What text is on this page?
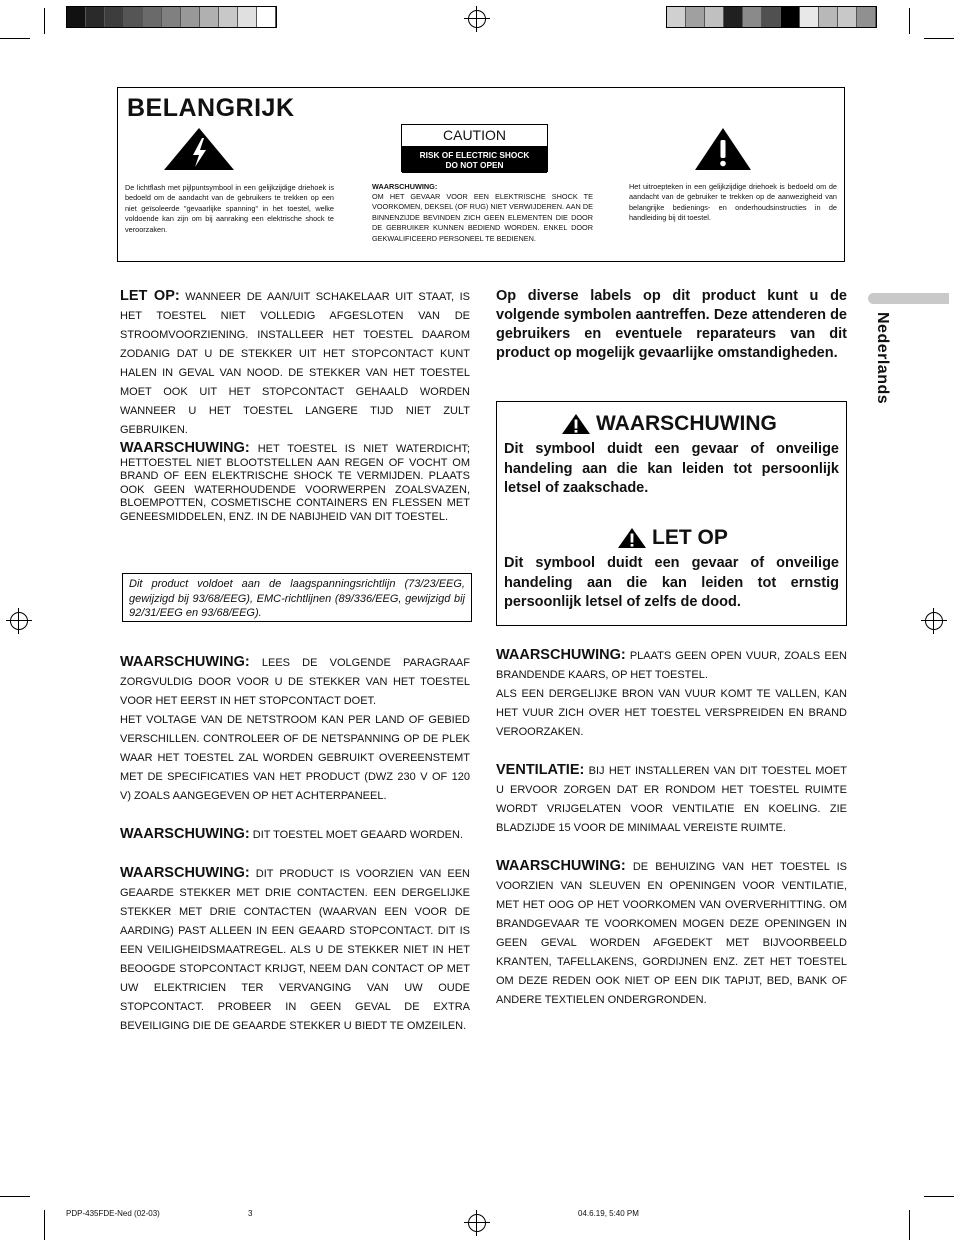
BELANGRIJK
De lichtflash met pijlpuntsymbool in een gelijkzijdige driehoek is bedoeld om de aandacht van de gebruikers te trekken op een niet geïsoleerde "gevaarlijke spanning" in het toestel, welke voldoende kan zijn om bij aanraking een elektrische shock te veroorzaken.
CAUTION
RISK OF ELECTRIC SHOCK
DO NOT OPEN
WAARSCHUWING:
OM HET GEVAAR VOOR EEN ELEKTRISCHE SHOCK TE VOORKOMEN, DEKSEL (OF RUG) NIET VERWIJDEREN. AAN DE BINNENZIJDE BEVINDEN ZICH GEEN ELEMENTEN DIE DOOR DE GEBRUIKER KUNNEN BEDIEND WORDEN. ENKEL DOOR GEKWALIFICEERD PERSONEEL TE BEDIENEN.
Het uitroepteken in een gelijkzijdige driehoek is bedoeld om de aandacht van de gebruiker te trekken op de aanwezigheid van belangrijke bedienings- en onderhoudsinstructies in de handleiding bij dit toestel.
LET OP: WANNEER DE AAN/UIT SCHAKELAAR UIT STAAT, IS HET TOESTEL NIET VOLLEDIG AFGESLOTEN VAN DE STROOMVOORZIENING. INSTALLEER HET TOESTEL DAAROM ZODANIG DAT U DE STEKKER UIT HET STOPCONTACT KUNT HALEN IN GEVAL VAN NOOD. DE STEKKER VAN HET TOESTEL MOET OOK UIT HET STOPCONTACT GEHAALD WORDEN WANNEER U HET TOESTEL LANGERE TIJD NIET ZULT GEBRUIKEN.
WAARSCHUWING: HET TOESTEL IS NIET WATERDICHT; HETTOESTEL NIET BLOOTSTELLEN AAN REGEN OF VOCHT OM BRAND OF EEN ELEKTRISCHE SHOCK TE VERMIJDEN. PLAATS OOK GEEN WATERHOUDENDE VOORWERPEN ZOALSVAZEN, BLOEMPOTTEN, COSMETISCHE CONTAINERS EN FLESSEN MET GENEESMIDDELEN, ENZ. IN DE NABIJHEID VAN DIT TOESTEL.
Dit product voldoet aan de laagspanningsrichtlijn (73/23/EEG, gewijzigd bij 93/68/EEG), EMC-richtlijnen (89/336/EEG, gewijzigd bij 92/31/EEG en 93/68/EEG).
WAARSCHUWING: LEES DE VOLGENDE PARAGRAAF ZORGVULDIG DOOR VOOR U DE STEKKER VAN HET TOESTEL VOOR HET EERST IN HET STOPCONTACT DOET.
HET VOLTAGE VAN DE NETSTROOM KAN PER LAND OF GEBIED VERSCHILLEN. CONTROLEER OF DE NETSPANNING OP DE PLEK WAAR HET TOESTEL ZAL WORDEN GEBRUIKT OVEREENSTEMT MET DE SPECIFICATIES VAN HET PRODUCT (DWZ 230 V OF 120 V) ZOALS AANGEGEVEN OP HET ACHTERPANEEL.
WAARSCHUWING: DIT TOESTEL MOET GEAARD WORDEN.
WAARSCHUWING: DIT PRODUCT IS VOORZIEN VAN EEN GEAARDE STEKKER MET DRIE CONTACTEN. EEN DERGELIJKE STEKKER MET DRIE CONTACTEN (WAARVAN EEN VOOR DE AARDING) PAST ALLEEN IN EEN GEAARD STOPCONTACT. DIT IS EEN VEILIGHEIDSMAATREGEL. ALS U DE STEKKER NIET IN HET BEOOGDE STOPCONTACT KRIJGT, NEEM DAN CONTACT OP MET UW ELEKTRICIEN TER VERVANGING VAN UW OUDE STOPCONTACT. PROBEER IN GEEN GEVAL DE EXTRA BEVEILIGING DIE DE GEAARDE STEKKER U BIEDT TE OMZEILEN.
Op diverse labels op dit product kunt u de volgende symbolen aantreffen. Deze attenderen de gebruikers en eventuele reparateurs van dit product op mogelijk gevaarlijke omstandigheden.
WAARSCHUWING
Dit symbool duidt een gevaar of onveilige handeling aan die kan leiden tot persoonlijk letsel of zaakschade.
LET OP
Dit symbool duidt een gevaar of onveilige handeling aan die kan leiden tot ernstig persoonlijk letsel of zelfs de dood.
WAARSCHUWING: PLAATS GEEN OPEN VUUR, ZOALS EEN BRANDENDE KAARS, OP HET TOESTEL.
ALS EEN DERGELIJKE BRON VAN VUUR KOMT TE VALLEN, KAN HET VUUR ZICH OVER HET TOESTEL VERSPREIDEN EN BRAND VEROORZAKEN.
VENTILATIE: BIJ HET INSTALLEREN VAN DIT TOESTEL MOET U ERVOOR ZORGEN DAT ER RONDOM HET TOESTEL RUIMTE WORDT VRIJGELATEN VOOR VENTILATIE EN KOELING. ZIE BLADZIJDE 15 VOOR DE MINIMAAL VEREISTE RUIMTE.
WAARSCHUWING: DE BEHUIZING VAN HET TOESTEL IS VOORZIEN VAN SLEUVEN EN OPENINGEN VOOR VENTILATIE, MET HET OOG OP HET VOORKOMEN VAN OVERVERHITTING. OM BRANDGEVAAR TE VOORKOMEN MOGEN DEZE OPENINGEN IN GEEN GEVAL WORDEN AFGEDEKT MET BIJVOORBEELD KRANTEN, TAFELLAKENS, GORDIJNEN ENZ. ZET HET TOESTEL OM DEZE REDEN OOK NIET OP EEN DIK TAPIJT, BED, BANK OF ANDERE TEXTIELEN ONDERGRONDEN.
Nederlands
PDP-435FDE-Ned (02-03)	3	04.6.19, 5:40 PM
